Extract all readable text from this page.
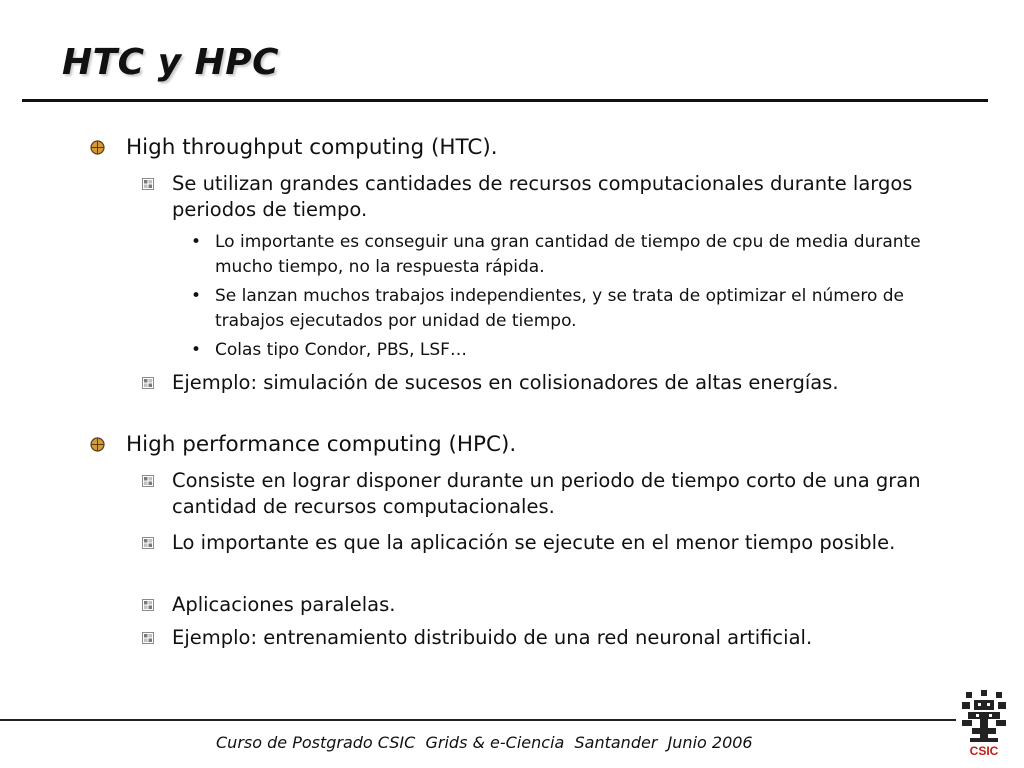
HTC y HPC
High throughput computing (HTC).
Se utilizan grandes cantidades de recursos computacionales durante largos periodos de tiempo.
• Lo importante es conseguir una gran cantidad de tiempo de cpu de media durante mucho tiempo, no la respuesta rápida.
• Se lanzan muchos trabajos independientes, y se trata de optimizar el número de trabajos ejecutados por unidad de tiempo.
• Colas tipo Condor, PBS, LSF…
Ejemplo: simulación de sucesos en colisionadores de altas energías.
High performance computing (HPC).
Consiste en lograr disponer durante un periodo de tiempo corto de una gran cantidad de recursos computacionales.
Lo importante es que la aplicación se ejecute en el menor tiempo posible.
Aplicaciones paralelas.
Ejemplo: entrenamiento distribuido de una red neuronal artificial.

Curso de Postgrado CSIC  Grids & e-Ciencia  Santander  Junio 2006	CSIC
